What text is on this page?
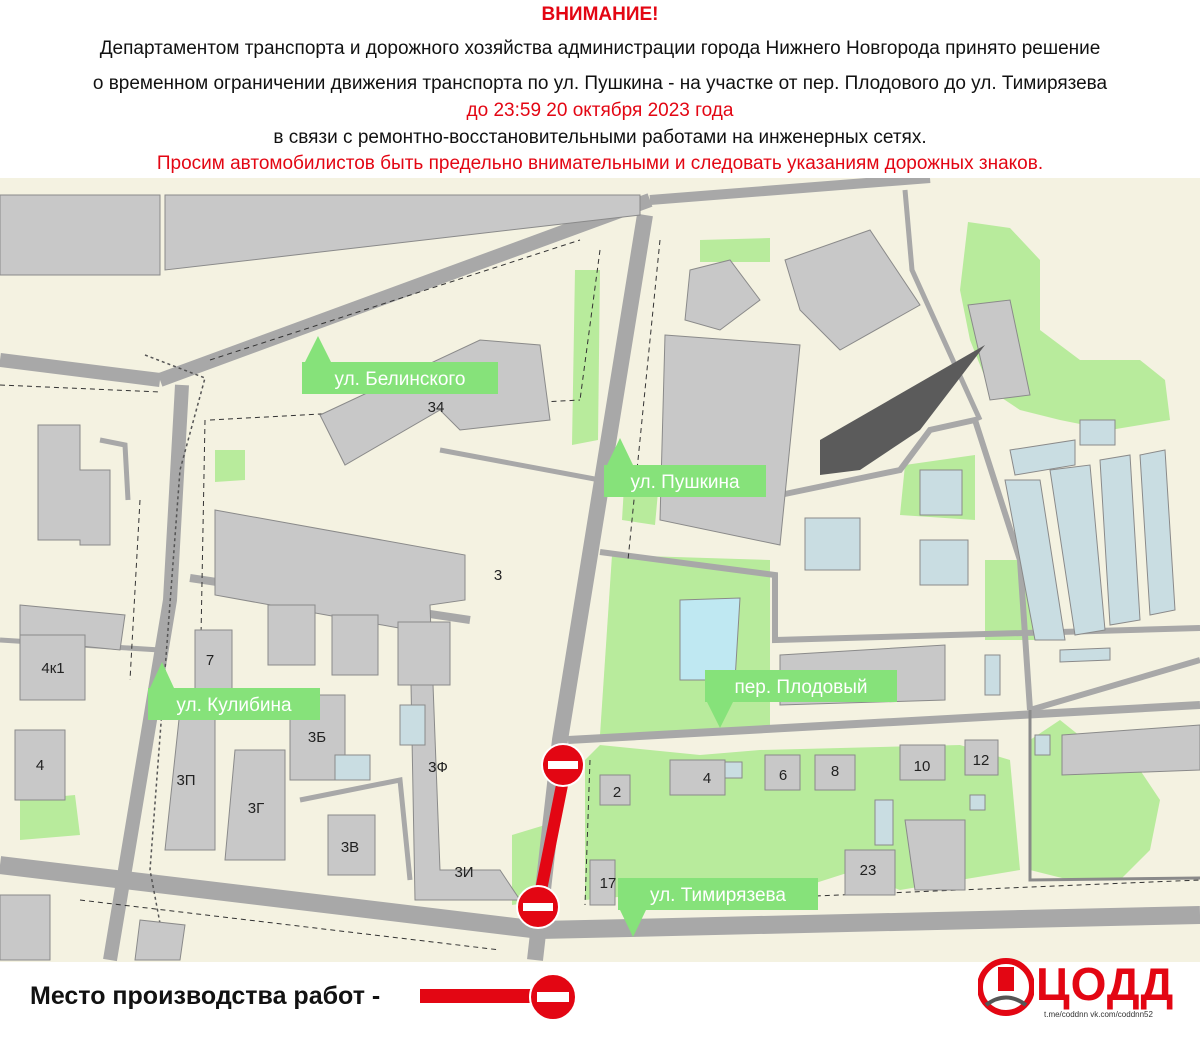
ВНИМАНИЕ!
Департаментом транспорта и дорожного хозяйства администрации города Нижнего Новгорода принято решение
о временном ограничении движения транспорта по ул. Пушкина - на участке от пер. Плодового до ул. Тимирязева
до 23:59 20 октября 2023 года
в связи с ремонтно-восстановительными работами на инженерных сетях.
Просим автомобилистов быть предельно внимательными и следовать указаниям дорожных знаков.
ул. Белинского
ул. Пушкина
ул. Кулибина
пер. Плодовый
ул. Тимирязева
34
3
4к1
4
7
3П
3Г
3Б
3Ф
3В
3И
2
4	6	8	10	12
17
23
Место производства работ -	ЦОДД
t.me/coddnn vk.com/coddnn52
